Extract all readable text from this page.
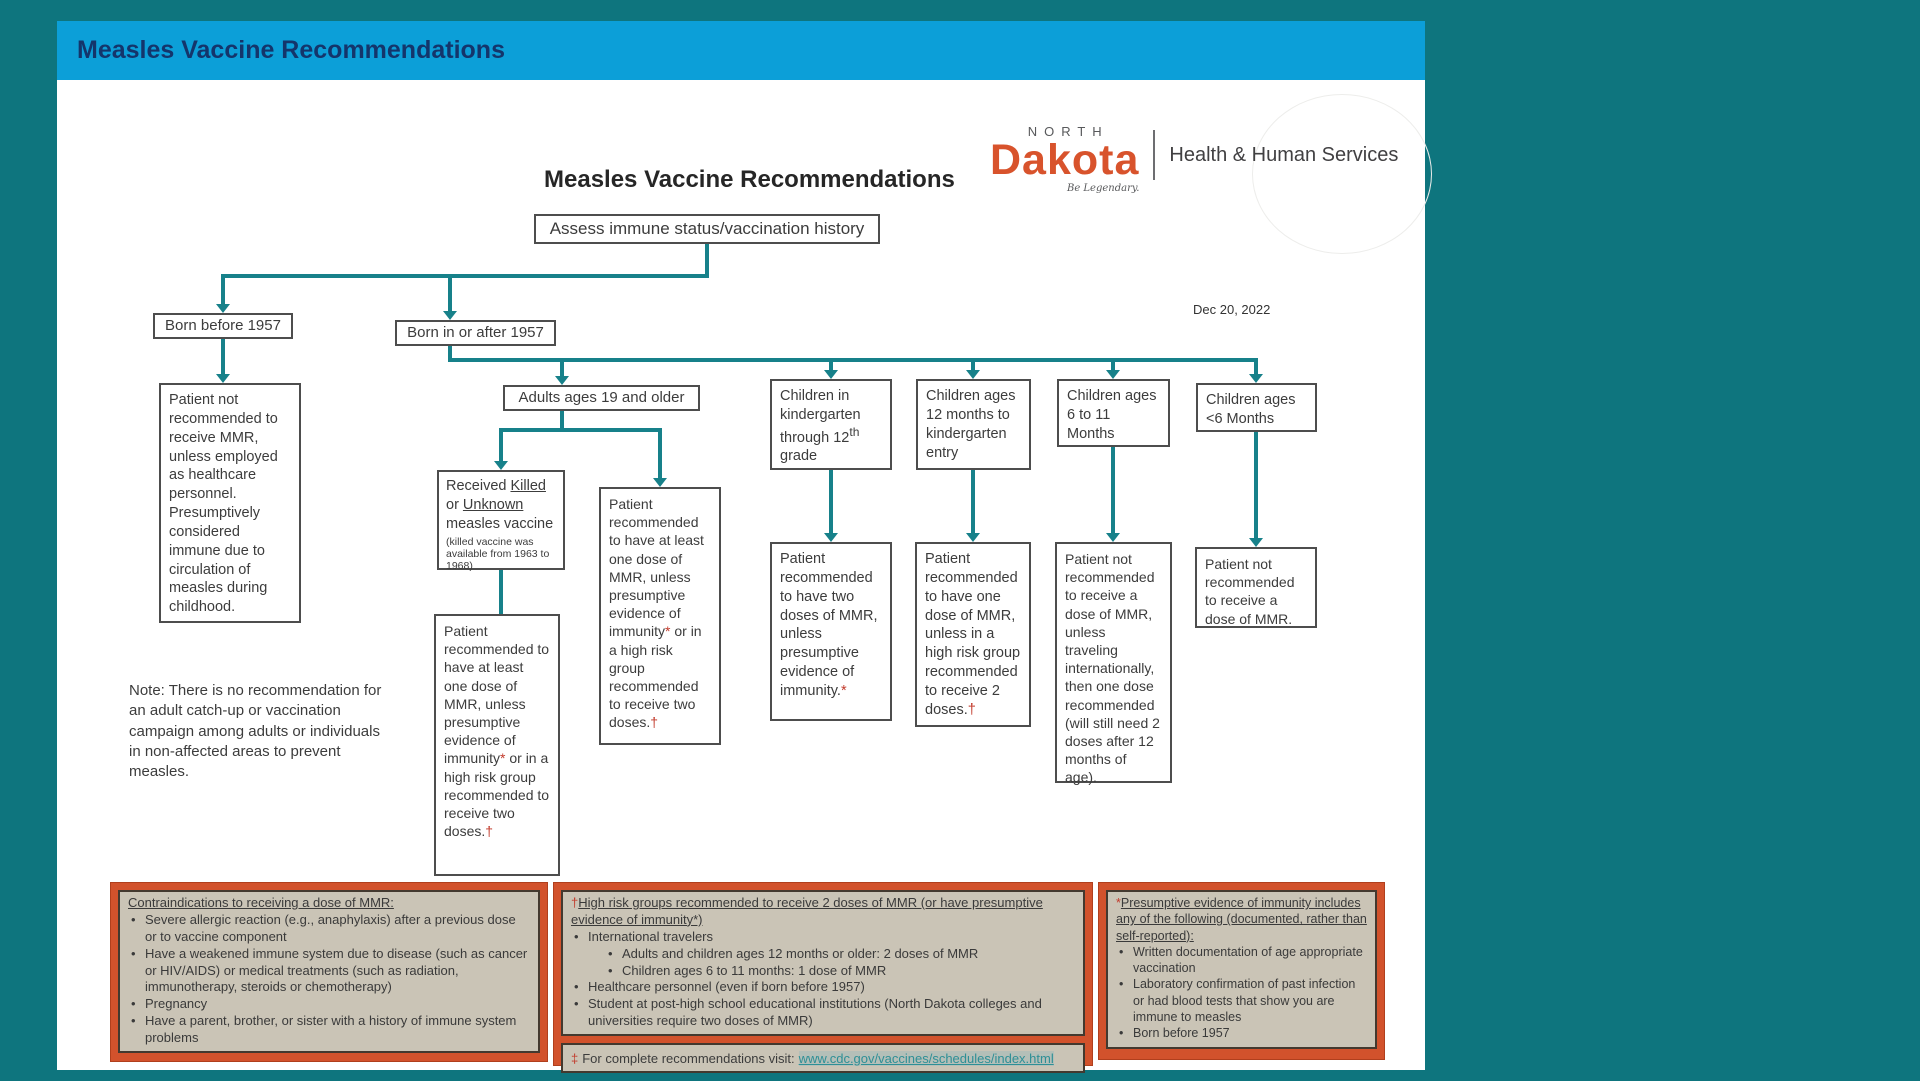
Measles Vaccine Recommendations
NORTH
Dakota
Be Legendary.
Health & Human Services
Measles Vaccine Recommendations
Dec 20, 2022
Assess immune status/vaccination history
Born before 1957	Born in or after 1957
Patient not recommended to receive MMR, unless employed as healthcare personnel. Presumptively considered immune due to circulation of measles during childhood.
Note: There is no recommendation for an adult catch-up or vaccination campaign among adults or individuals in non-affected areas to prevent measles.
Adults ages 19 and older
Received Killed or Unknown measles vaccine
(killed vaccine was available from 1963 to 1968)
Patient recommended to have at least one dose of MMR, unless presumptive evidence of immunity* or in a high risk group recommended to receive two doses.†
Patient recommended to have at least one dose of MMR, unless presumptive evidence of immunity* or in a high risk group recommended to receive two doses.†
Children in kindergarten through 12th grade
Children ages 12 months to kindergarten entry
Children ages 6 to 11 Months
Children ages <6 Months
Patient recommended to have two doses of MMR, unless presumptive evidence of immunity.*
Patient recommended to have one dose of MMR, unless in a high risk group recommended to receive 2 doses.†
Patient not recommended to receive a dose of MMR, unless traveling internationally, then one dose recommended (will still need 2 doses after 12 months of age).
Patient not recommended to receive a dose of MMR.
Contraindications to receiving a dose of MMR:
• Severe allergic reaction (e.g., anaphylaxis) after a previous dose or to vaccine component
• Have a weakened immune system due to disease (such as cancer or HIV/AIDS) or medical treatments (such as radiation, immunotherapy, steroids or chemotherapy)
• Pregnancy
• Have a parent, brother, or sister with a history of immune system problems
†High risk groups recommended to receive 2 doses of MMR (or have presumptive evidence of immunity*)
• International travelers
• Adults and children ages 12 months or older: 2 doses of MMR
• Children ages 6 to 11 months: 1 dose of MMR
• Healthcare personnel (even if born before 1957)
• Student at post-high school educational institutions (North Dakota colleges and universities require two doses of MMR)
‡ For complete recommendations visit: www.cdc.gov/vaccines/schedules/index.html
*Presumptive evidence of immunity includes any of the following (documented, rather than self-reported):
• Written documentation of age appropriate vaccination
• Laboratory confirmation of past infection or had blood tests that show you are immune to measles
• Born before 1957
